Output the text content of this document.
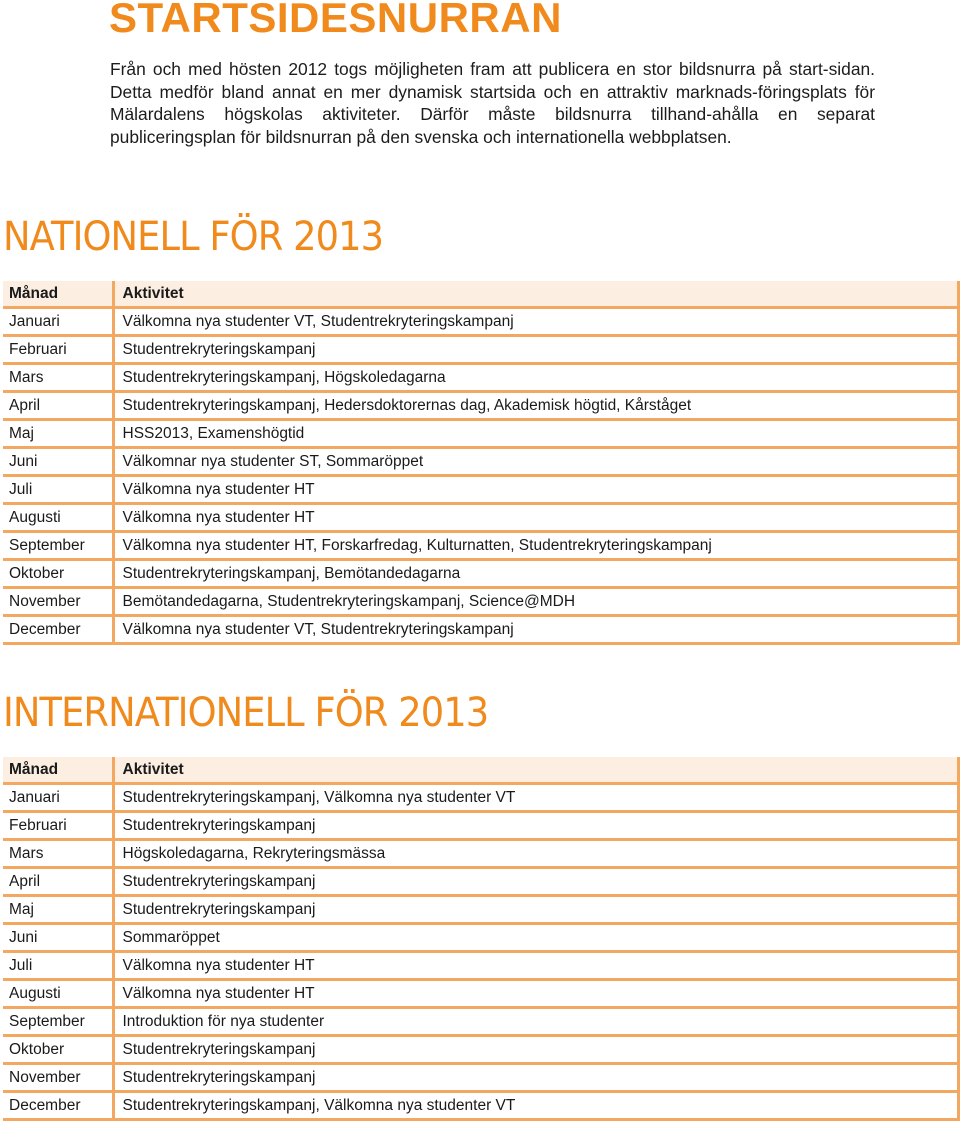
STARTSIDESNURRAN

Från och med hösten 2012 togs möjligheten fram att publicera en stor bildsnurra på start-sidan. Detta medför bland annat en mer dynamisk startsida och en attraktiv marknads-föringsplats för Mälardalens högskolas aktiviteter. Därför måste bildsnurra tillhand-ahålla en separat publiceringsplan för bildsnurran på den svenska och internationella webbplatsen.

NATIONELL FÖR 2013
Månad	Aktivitet
Januari	Välkomna nya studenter VT, Studentrekryteringskampanj
Februari	Studentrekryteringskampanj
Mars	Studentrekryteringskampanj, Högskoledagarna
April	Studentrekryteringskampanj, Hedersdoktorernas dag, Akademisk högtid, Kårståget
Maj	HSS2013, Examenshögtid
Juni	Välkomnar nya studenter ST, Sommaröppet
Juli	Välkomna nya studenter HT
Augusti	Välkomna nya studenter HT
September	Välkomna nya studenter HT, Forskarfredag, Kulturnatten, Studentrekryteringskampanj
Oktober	Studentrekryteringskampanj, Bemötandedagarna
November	Bemötandedagarna, Studentrekryteringskampanj, Science@MDH
December	Välkomna nya studenter VT, Studentrekryteringskampanj
INTERNATIONELL FÖR 2013
Månad	Aktivitet
Januari	Studentrekryteringskampanj, Välkomna nya studenter VT
Februari	Studentrekryteringskampanj
Mars	Högskoledagarna, Rekryteringsmässa
April	Studentrekryteringskampanj
Maj	Studentrekryteringskampanj
Juni	Sommaröppet
Juli	Välkomna nya studenter HT
Augusti	Välkomna nya studenter HT
September	Introduktion för nya studenter
Oktober	Studentrekryteringskampanj
November	Studentrekryteringskampanj
December	Studentrekryteringskampanj, Välkomna nya studenter VT
